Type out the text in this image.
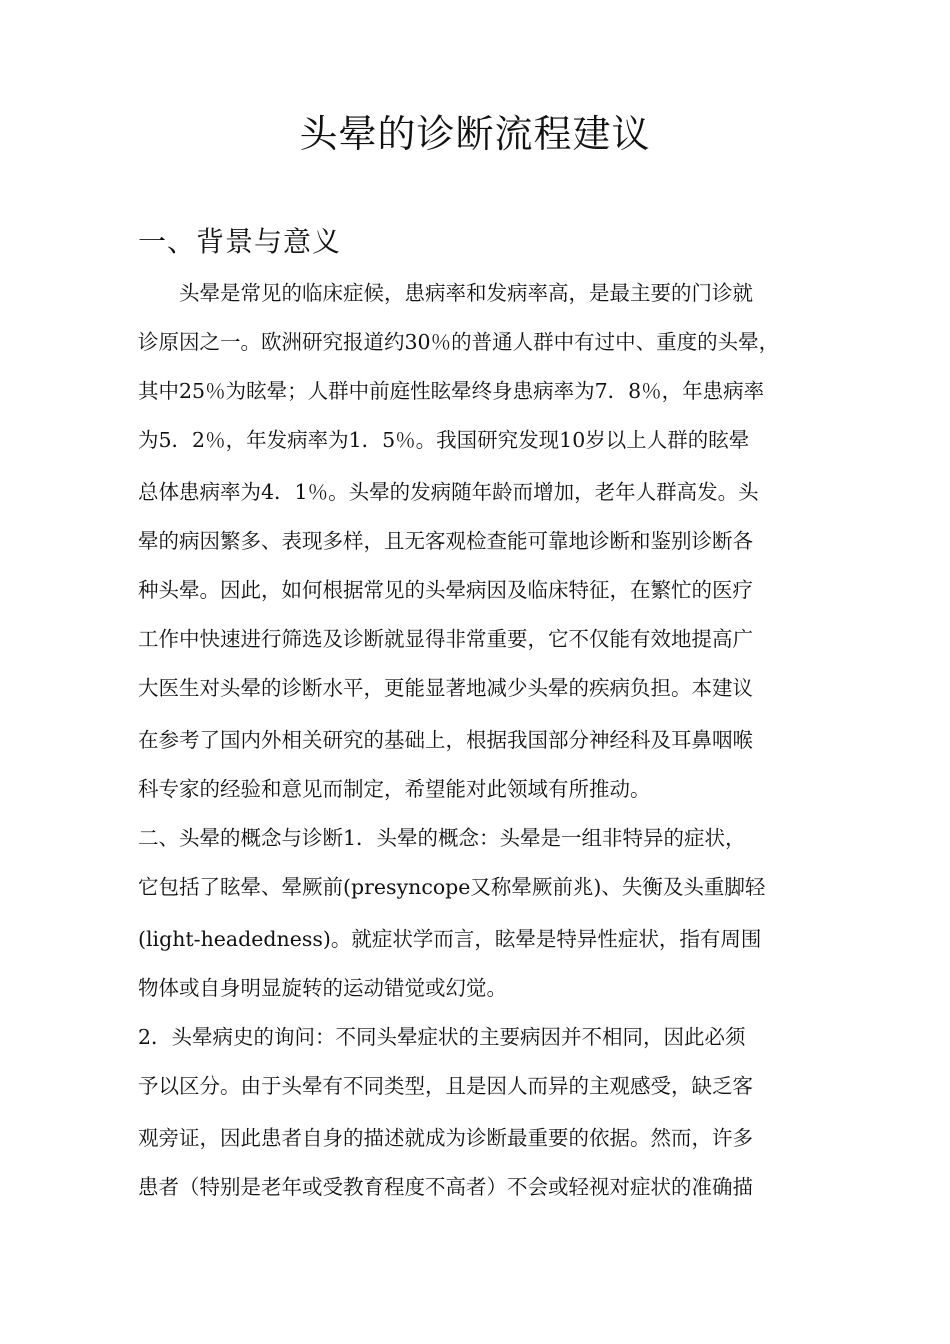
头晕的诊断流程建议
一、背景与意义
　　头晕是常见的临床症候，患病率和发病率高，是最主要的门诊就
诊原因之一。欧洲研究报道约30％的普通人群中有过中、重度的头晕，
其中25％为眩晕；人群中前庭性眩晕终身患病率为7．8％，年患病率
为5．2％，年发病率为1．5％。我国研究发现10岁以上人群的眩晕
总体患病率为4．1％。头晕的发病随年龄而增加，老年人群高发。头
晕的病因繁多、表现多样，且无客观检查能可靠地诊断和鉴别诊断各
种头晕。因此，如何根据常见的头晕病因及临床特征，在繁忙的医疗
工作中快速进行筛选及诊断就显得非常重要，它不仅能有效地提高广
大医生对头晕的诊断水平，更能显著地减少头晕的疾病负担。本建议
在参考了国内外相关研究的基础上，根据我国部分神经科及耳鼻咽喉
科专家的经验和意见而制定，希望能对此领域有所推动。
二、头晕的概念与诊断1．头晕的概念：头晕是一组非特异的症状，
它包括了眩晕、晕厥前(presyncope又称晕厥前兆)、失衡及头重脚轻
(light-headedness)。就症状学而言，眩晕是特异性症状，指有周围
物体或自身明显旋转的运动错觉或幻觉。
2．头晕病史的询问：不同头晕症状的主要病因并不相同，因此必须
予以区分。由于头晕有不同类型，且是因人而异的主观感受，缺乏客
观旁证，因此患者自身的描述就成为诊断最重要的依据。然而，许多
患者（特别是老年或受教育程度不高者）不会或轻视对症状的准确描
